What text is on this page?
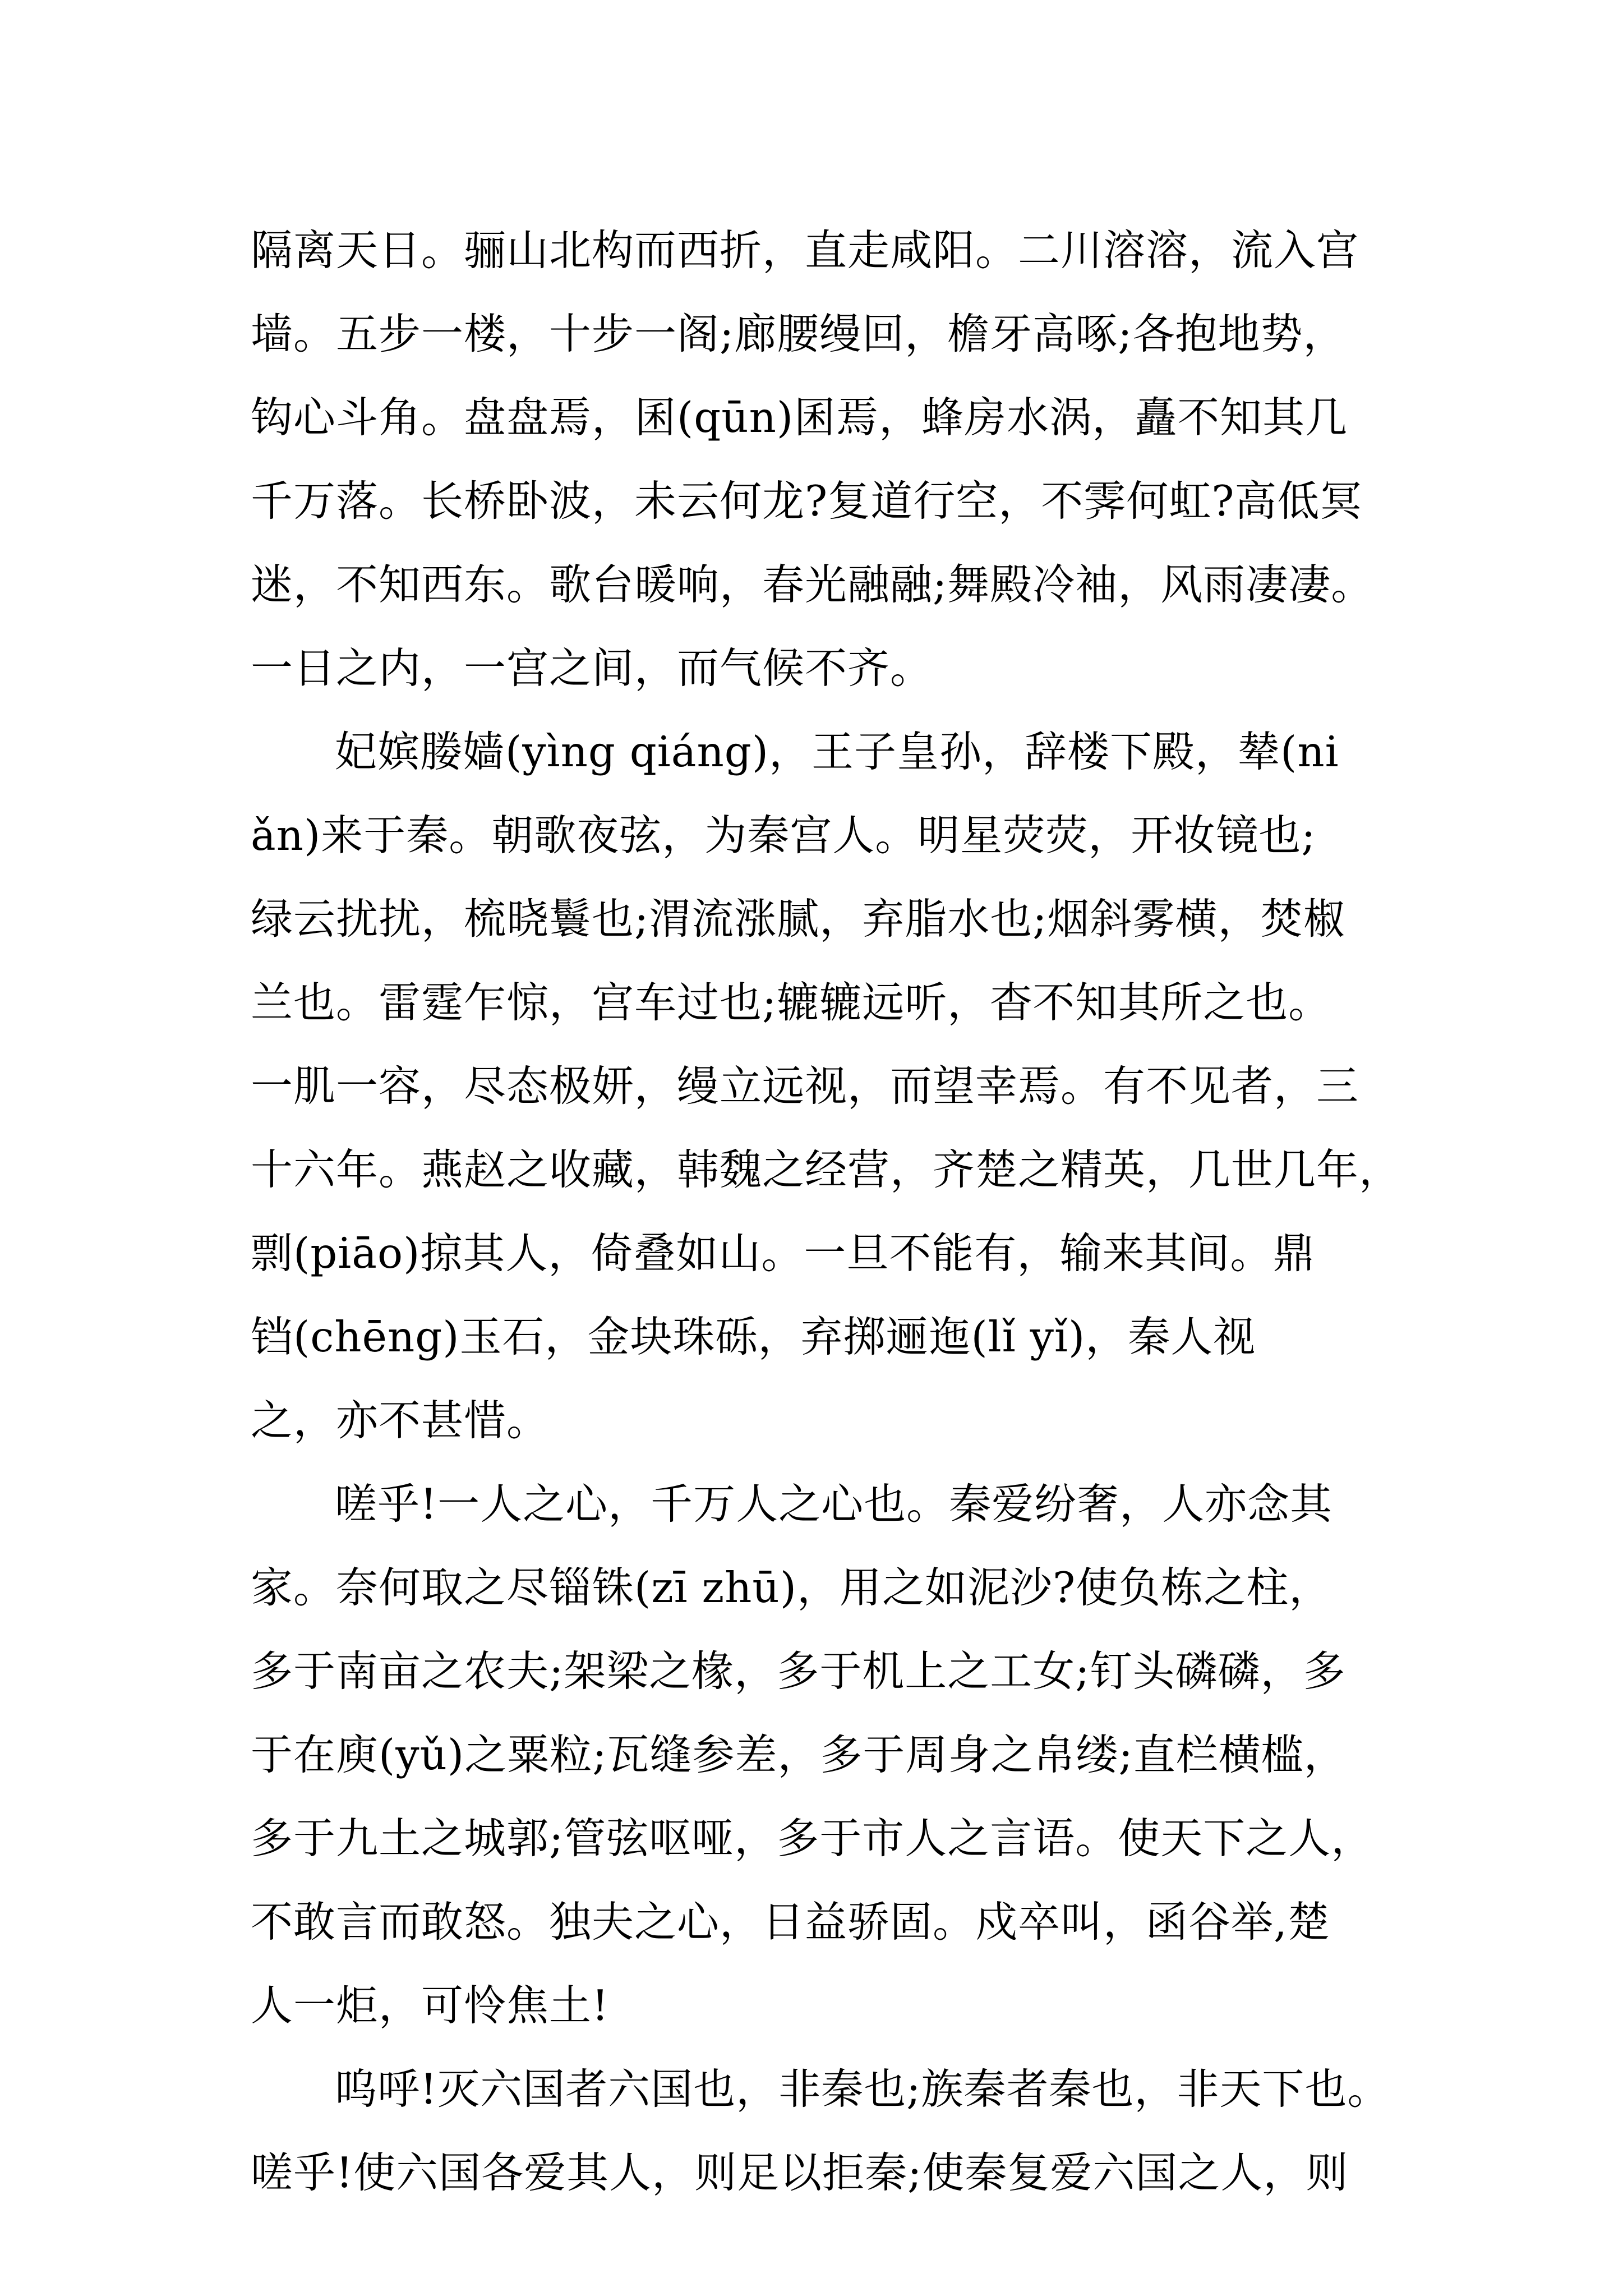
隔离天日。骊山北构而西折，直走咸阳。二川溶溶，流入宫
墙。五步一楼，十步一阁;廊腰缦回，檐牙高啄;各抱地势，
钩心斗角。盘盘焉，囷(qūn)囷焉，蜂房水涡，矗不知其几
千万落。长桥卧波，未云何龙?复道行空，不霁何虹?高低冥
迷，不知西东。歌台暖响，春光融融;舞殿冷袖，风雨凄凄。
一日之内，一宫之间，而气候不齐。
妃嫔媵嫱(yìng qiáng)，王子皇孙，辞楼下殿，辇(ni
ǎn)来于秦。朝歌夜弦，为秦宫人。明星荧荧，开妆镜也;
绿云扰扰，梳晓鬟也;渭流涨腻，弃脂水也;烟斜雾横，焚椒
兰也。雷霆乍惊，宫车过也;辘辘远听，杳不知其所之也。
一肌一容，尽态极妍，缦立远视，而望幸焉。有不见者，三
十六年。燕赵之收藏，韩魏之经营，齐楚之精英，几世几年，
剽(piāo)掠其人，倚叠如山。一旦不能有，输来其间。鼎
铛(chēng)玉石，金块珠砾，弃掷逦迤(lǐ yǐ)，秦人视
之，亦不甚惜。
嗟乎!一人之心，千万人之心也。秦爱纷奢，人亦念其
家。奈何取之尽锱铢(zī zhū)，用之如泥沙?使负栋之柱，
多于南亩之农夫;架梁之椽，多于机上之工女;钉头磷磷，多
于在庾(yǔ)之粟粒;瓦缝参差，多于周身之帛缕;直栏横槛，
多于九土之城郭;管弦呕哑，多于市人之言语。使天下之人，
不敢言而敢怒。独夫之心，日益骄固。戍卒叫，函谷举,楚
人一炬，可怜焦土!
呜呼!灭六国者六国也，非秦也;族秦者秦也，非天下也。
嗟乎!使六国各爱其人，则足以拒秦;使秦复爱六国之人，则
